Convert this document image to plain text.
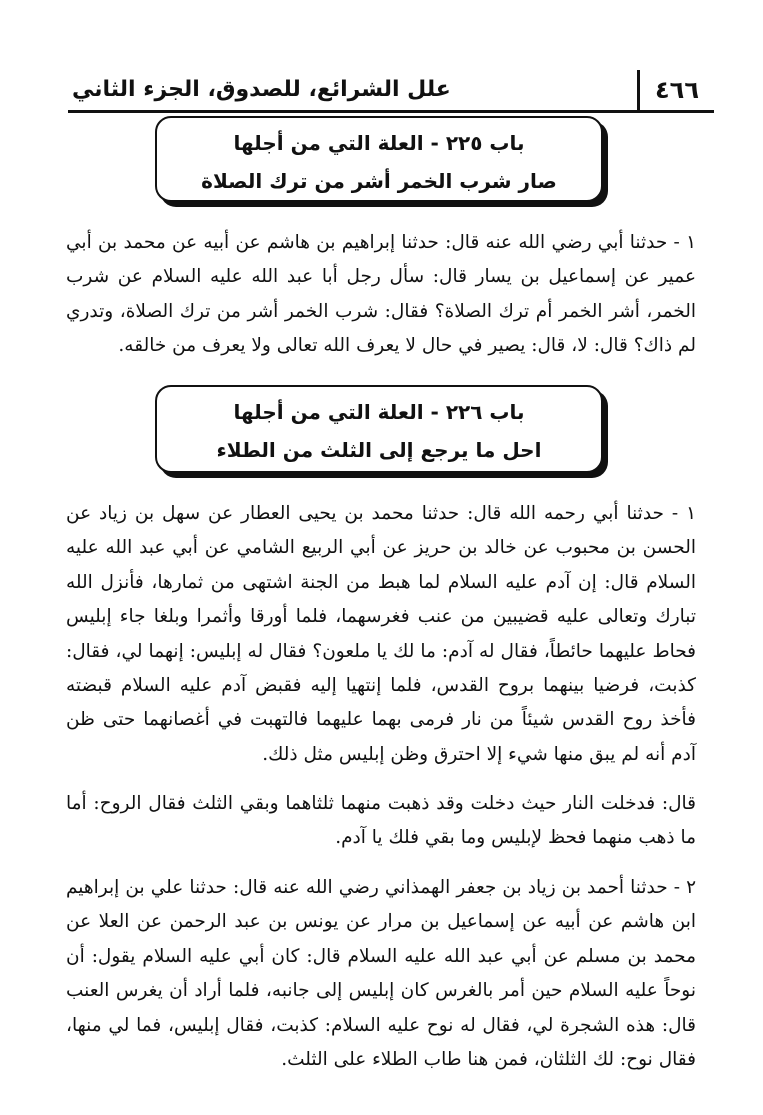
٤٦٦
علل الشرائع، للصدوق، الجزء الثاني
باب ٢٢٥ - العلة التي من أجلها
صار شرب الخمر أشر من ترك الصلاة
١ - حدثنا أبي رضي الله عنه قال: حدثنا إبراهيم بن هاشم عن أبيه عن محمد بن أبي عمير عن إسماعيل بن يسار قال: سأل رجل أبا عبد الله عليه السلام عن شرب الخمر، أشر الخمر أم ترك الصلاة؟ فقال: شرب الخمر أشر من ترك الصلاة، وتدري لم ذاك؟ قال: لا، قال: يصير في حال لا يعرف الله تعالى ولا يعرف من خالقه.
باب ٢٢٦ - العلة التي من أجلها
احل ما يرجع إلى الثلث من الطلاء
١ - حدثنا أبي رحمه الله قال: حدثنا محمد بن يحيى العطار عن سهل بن زياد عن الحسن بن محبوب عن خالد بن حريز عن أبي الربيع الشامي عن أبي عبد الله عليه السلام قال: إن آدم عليه السلام لما هبط من الجنة اشتهى من ثمارها، فأنزل الله تبارك وتعالى عليه قضيبين من عنب فغرسهما، فلما أورقا وأثمرا وبلغا جاء إبليس فحاط عليهما حائطاً، فقال له آدم: ما لك يا ملعون؟ فقال له إبليس: إنهما لي، فقال: كذبت، فرضيا بينهما بروح القدس، فلما إنتهيا إليه فقبض آدم عليه السلام قبضته فأخذ روح القدس شيئاً من نار فرمى بهما عليهما فالتهبت في أغصانهما حتى ظن آدم أنه لم يبق منها شيء إلا احترق وظن إبليس مثل ذلك.
قال: فدخلت النار حيث دخلت وقد ذهبت منهما ثلثاهما وبقي الثلث فقال الروح: أما ما ذهب منهما فحظ لإبليس وما بقي فلك يا آدم.
٢ - حدثنا أحمد بن زياد بن جعفر الهمذاني رضي الله عنه قال: حدثنا علي بن إبراهيم ابن هاشم عن أبيه عن إسماعيل بن مرار عن يونس بن عبد الرحمن عن العلا عن محمد بن مسلم عن أبي عبد الله عليه السلام قال: كان أبي عليه السلام يقول: أن نوحاً عليه السلام حين أمر بالغرس كان إبليس إلى جانبه، فلما أراد أن يغرس العنب قال: هذه الشجرة لي، فقال له نوح عليه السلام: كذبت، فقال إبليس، فما لي منها، فقال نوح: لك الثلثان، فمن هنا طاب الطلاء على الثلث.
